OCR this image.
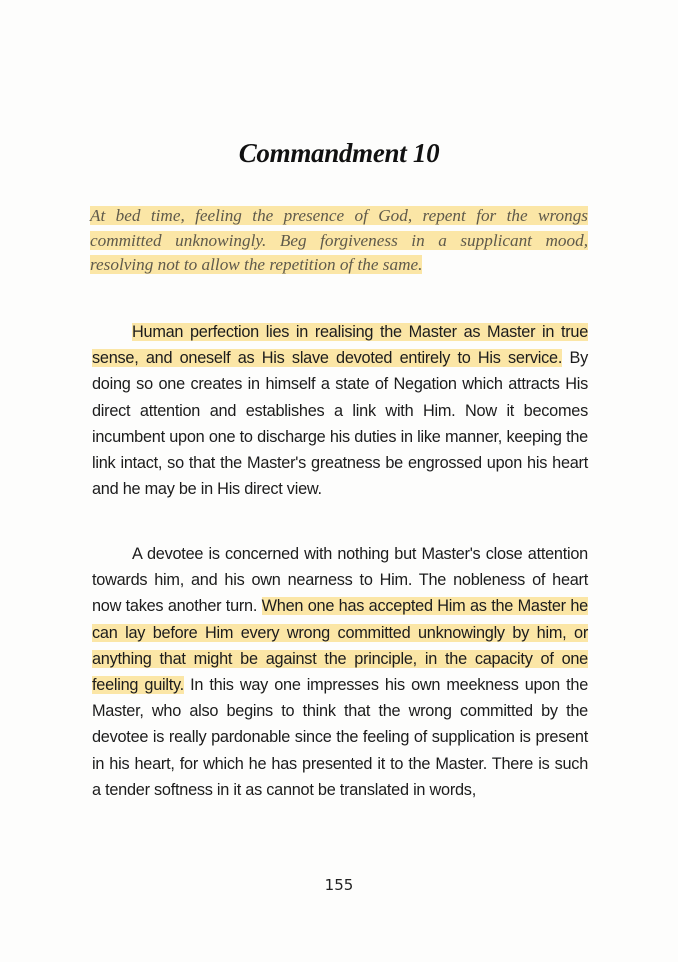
Commandment 10
At bed time, feeling the presence of God, repent for the wrongs committed unknowingly. Beg forgiveness in a supplicant mood, resolving not to allow the repetition of the same.

Human perfection lies in realising the Master as Master in true sense, and oneself as His slave devoted entirely to His service. By doing so one creates in himself a state of Negation which attracts His direct attention and establishes a link with Him. Now it becomes incumbent upon one to discharge his duties in like manner, keeping the link intact, so that the Master's greatness be engrossed upon his heart and he may be in His direct view.

A devotee is concerned with nothing but Master's close attention towards him, and his own nearness to Him. The nobleness of heart now takes another turn. When one has accepted Him as the Master he can lay before Him every wrong committed unknowingly by him, or anything that might be against the principle, in the capacity of one feeling guilty. In this way one impresses his own meekness upon the Master, who also begins to think that the wrong committed by the devotee is really pardonable since the feeling of supplication is present in his heart, for which he has presented it to the Master. There is such a tender softness in it as cannot be translated in words,

155
